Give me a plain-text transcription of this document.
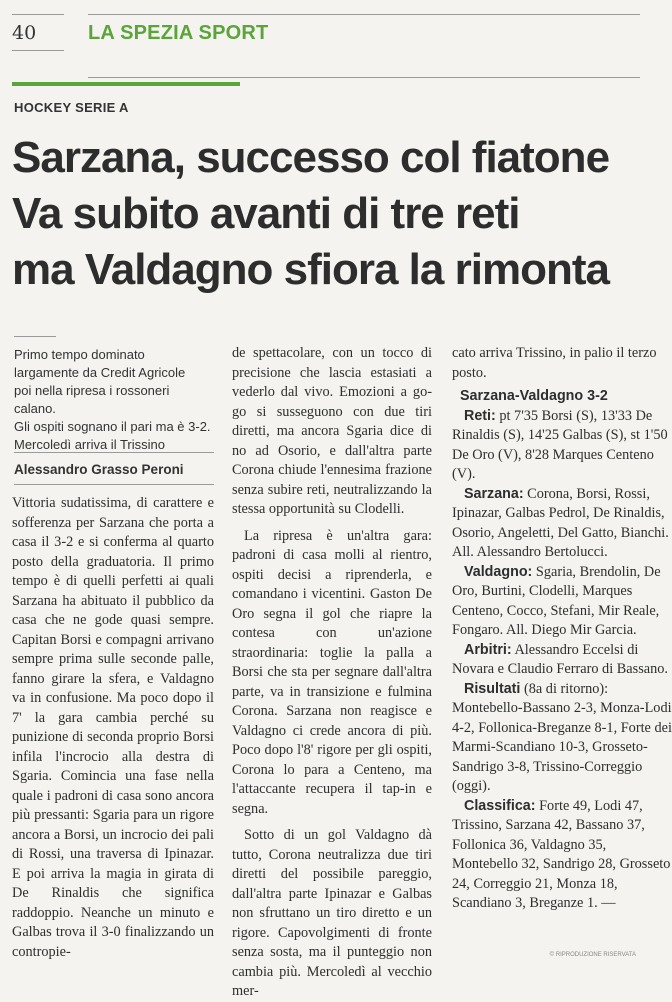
40	LA SPEZIA SPORT
HOCKEY SERIE A
Sarzana, successo col fiatone
Va subito avanti di tre reti
ma Valdagno sfiora la rimonta
Primo tempo dominato
largamente da Credit Agricole
poi nella ripresa i rossoneri calano.
Gli ospiti sognano il pari ma è 3-2.
Mercoledì arriva il Trissino
Alessandro Grasso Peroni

Vittoria sudatissima, di carattere e sofferenza per Sarzana che porta a casa il 3-2 e si conferma al quarto posto della graduatoria. Il primo tempo è di quelli perfetti ai quali Sarzana ha abituato il pubblico da casa che ne gode quasi sempre. Capitan Borsi e compagni arrivano sempre prima sulle seconde palle, fanno girare la sfera, e Valdagno va in confusione. Ma poco dopo il 7' la gara cambia perché su punizione di seconda proprio Borsi infila l'incrocio alla destra di Sgaria. Comincia una fase nella quale i padroni di casa sono ancora più pressanti: Sgaria para un rigore ancora a Borsi, un incrocio dei pali di Rossi, una traversa di Ipinazar. E poi arriva la magia in girata di De Rinaldis che significa raddoppio. Neanche un minuto e Galbas trova il 3-0 finalizzando un contropie-

de spettacolare, con un tocco di precisione che lascia estasiati a vederlo dal vivo. Emozioni a go-go si susseguono con due tiri diretti, ma ancora Sgaria dice di no ad Osorio, e dall'altra parte Corona chiude l'ennesima frazione senza subire reti, neutralizzando la stessa opportunità su Clodelli.

La ripresa è un'altra gara: padroni di casa molli al rientro, ospiti decisi a riprenderla, e comandano i vicentini. Gaston De Oro segna il gol che riapre la contesa con un'azione straordinaria: toglie la palla a Borsi che sta per segnare dall'altra parte, va in transizione e fulmina Corona. Sarzana non reagisce e Valdagno ci crede ancora di più. Poco dopo l'8' rigore per gli ospiti, Corona lo para a Centeno, ma l'attaccante recupera il tap-in e segna.

Sotto di un gol Valdagno dà tutto, Corona neutralizza due tiri diretti del possibile pareggio, dall'altra parte Ipinazar e Galbas non sfruttano un tiro diretto e un rigore. Capovolgimenti di fronte senza sosta, ma il punteggio non cambia più. Mercoledì al vecchio mer-

cato arriva Trissino, in palio il terzo posto.

Sarzana-Valdagno 3-2

Reti: pt 7'35 Borsi (S), 13'33 De Rinaldis (S), 14'25 Galbas (S), st 1'50 De Oro (V), 8'28 Marques Centeno (V).

Sarzana: Corona, Borsi, Rossi, Ipinazar, Galbas Pedrol, De Rinaldis, Osorio, Angeletti, Del Gatto, Bianchi. All. Alessandro Bertolucci.

Valdagno: Sgaria, Brendolin, De Oro, Burtini, Clodelli, Marques Centeno, Cocco, Stefani, Mir Reale, Fongaro. All. Diego Mir Garcia.

Arbitri: Alessandro Eccelsi di Novara e Claudio Ferraro di Bassano.

Risultati (8a di ritorno): Montebello-Bassano 2-3, Monza-Lodi 4-2, Follonica-Breganze 8-1, Forte dei Marmi-Scandiano 10-3, Grosseto-Sandrigo 3-8, Trissino-Correggio (oggi).

Classifica: Forte 49, Lodi 47, Trissino, Sarzana 42, Bassano 37, Follonica 36, Valdagno 35, Montebello 32, Sandrigo 28, Grosseto 24, Correggio 21, Monza 18, Scandiano 3, Breganze 1. —

© RIPRODUZIONE RISERVATA
